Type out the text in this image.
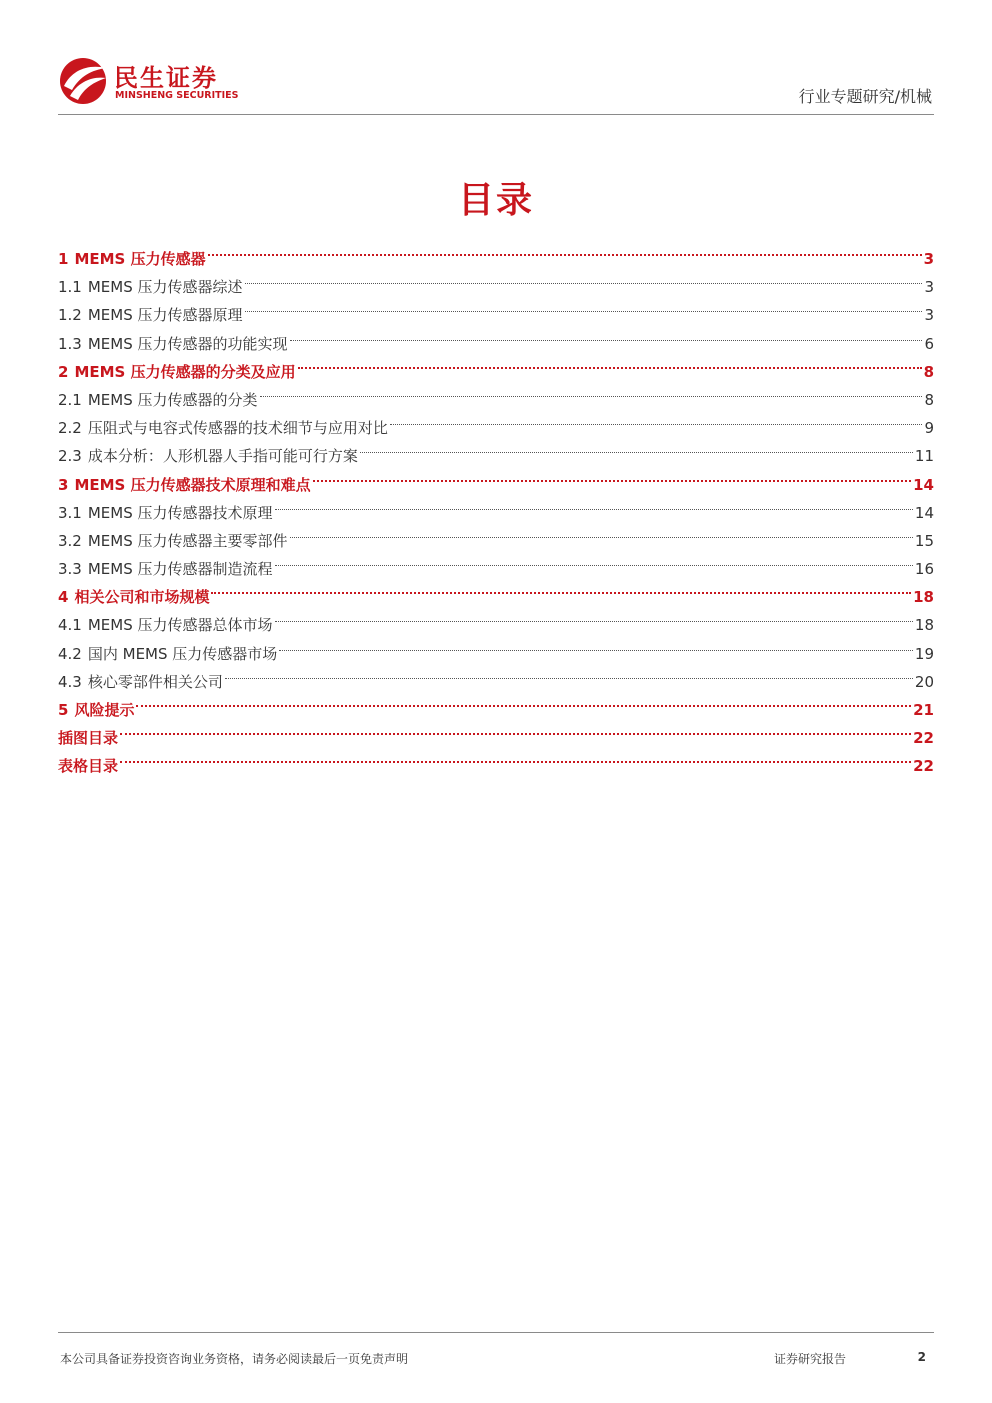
民生证券
MINSHENG SECURITIES	行业专题研究/机械
目录
1 MEMS 压力传感器	3
1.1 MEMS 压力传感器综述	3
1.2 MEMS 压力传感器原理	3
1.3 MEMS 压力传感器的功能实现	6
2 MEMS 压力传感器的分类及应用	8
2.1 MEMS 压力传感器的分类	8
2.2 压阻式与电容式传感器的技术细节与应用对比	9
2.3 成本分析：人形机器人手指可能可行方案	11
3 MEMS 压力传感器技术原理和难点	14
3.1 MEMS 压力传感器技术原理	14
3.2 MEMS 压力传感器主要零部件	15
3.3 MEMS 压力传感器制造流程	16
4 相关公司和市场规模	18
4.1 MEMS 压力传感器总体市场	18
4.2 国内 MEMS 压力传感器市场	19
4.3 核心零部件相关公司	20
5 风险提示	21
插图目录	22
表格目录	22
本公司具备证券投资咨询业务资格，请务必阅读最后一页免责声明	证券研究报告	2
